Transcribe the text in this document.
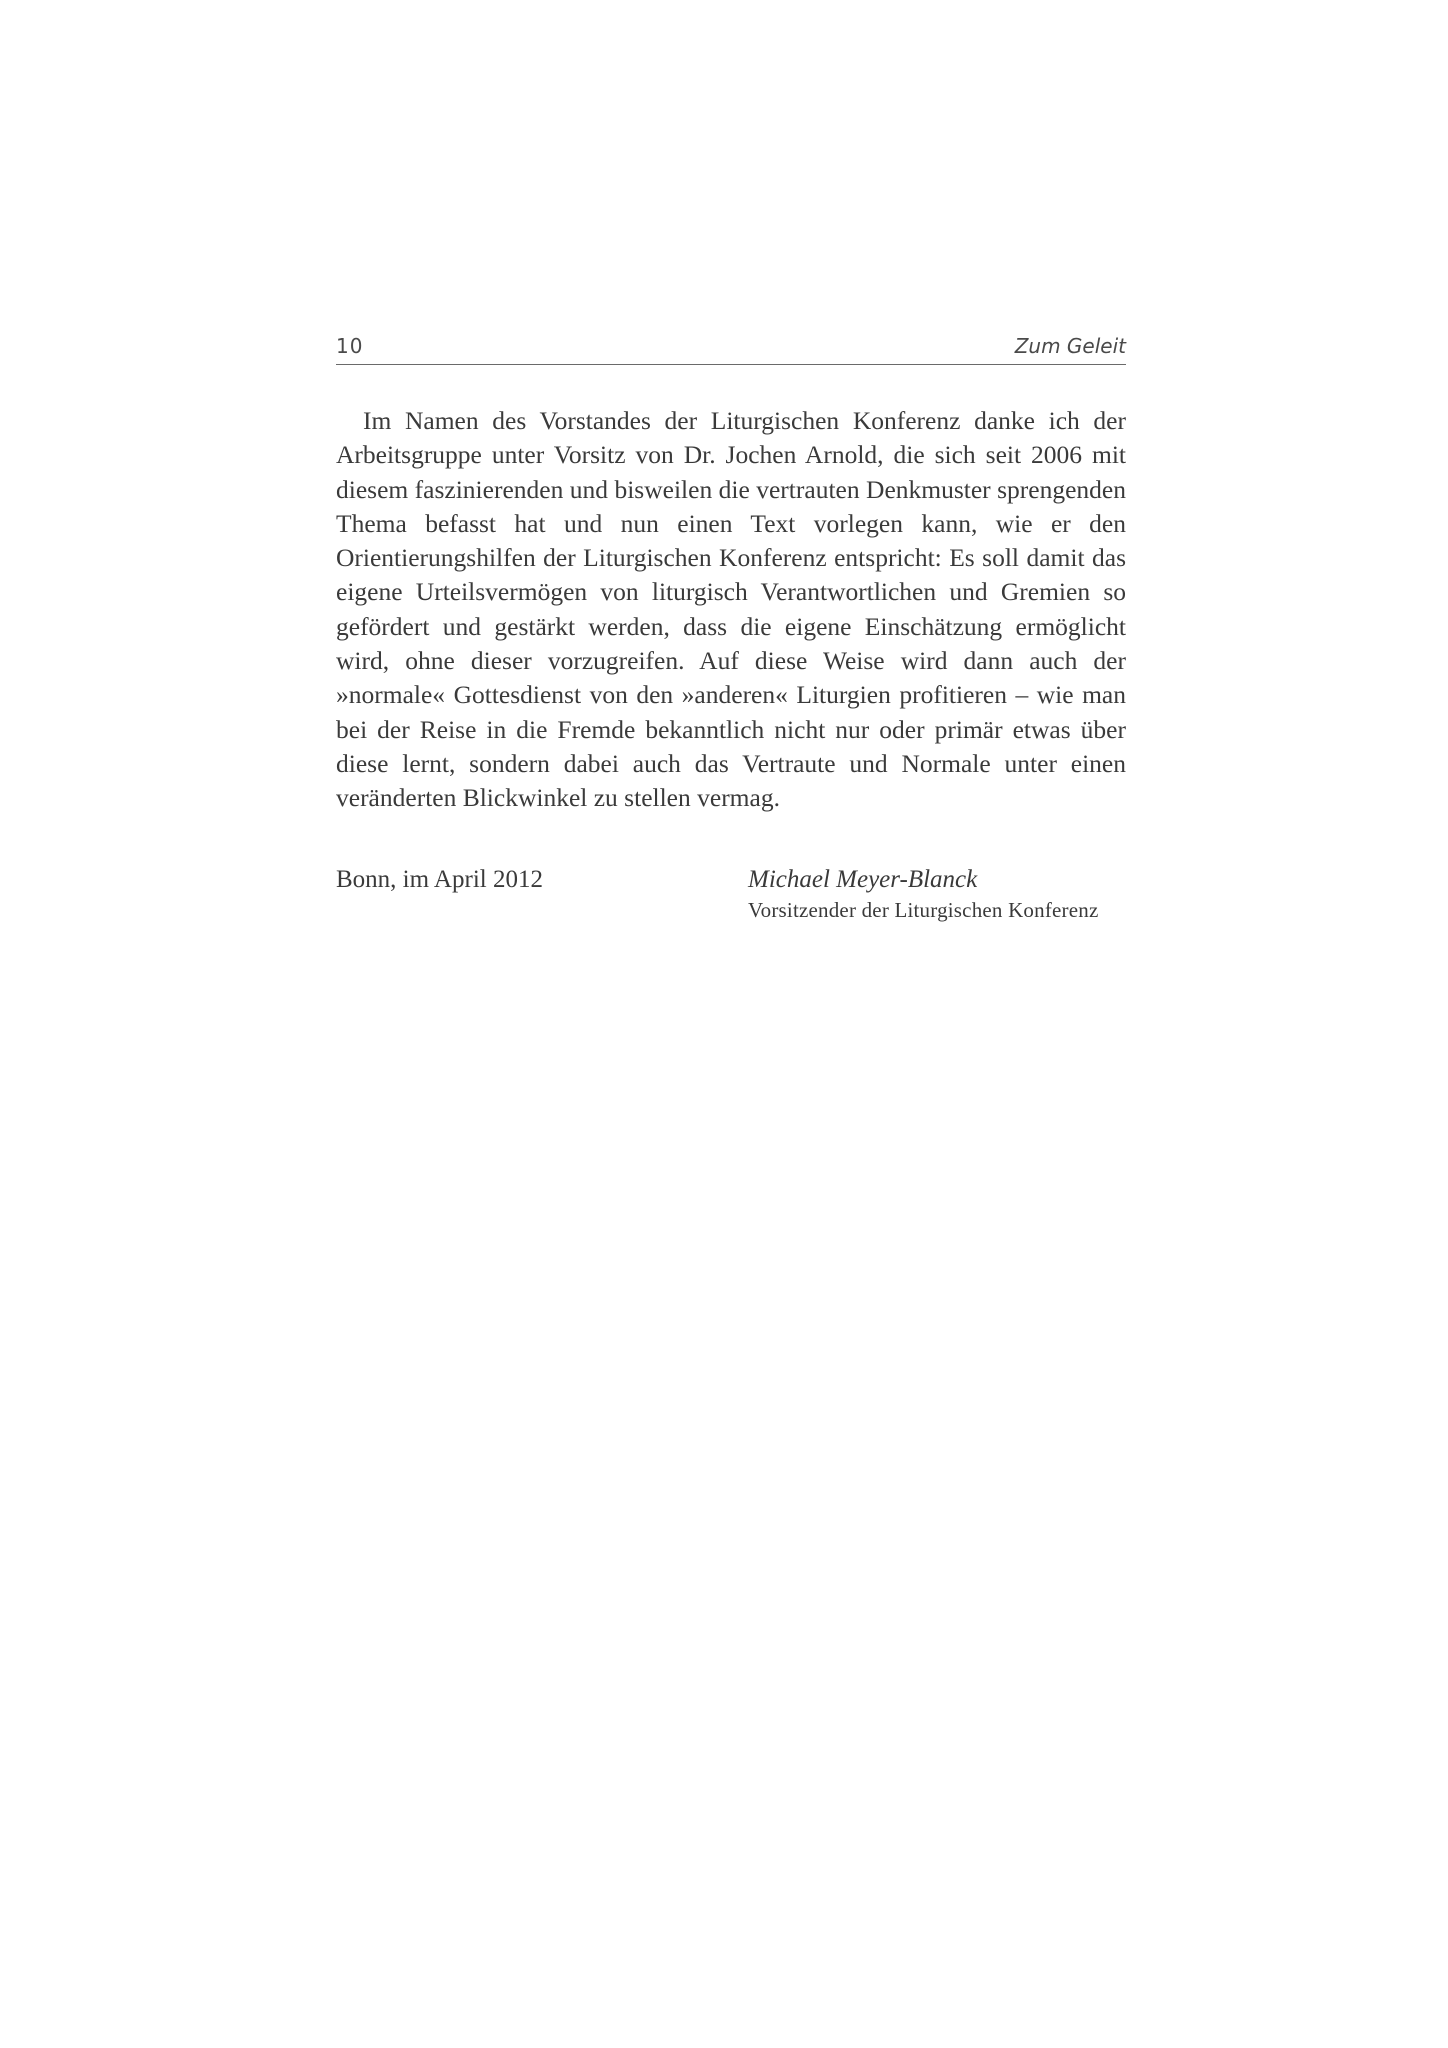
10	Zum Geleit

Im Namen des Vorstandes der Liturgischen Konferenz danke ich der Arbeitsgruppe unter Vorsitz von Dr. Jochen Arnold, die sich seit 2006 mit diesem faszinierenden und bisweilen die vertrauten Denkmuster sprengenden Thema befasst hat und nun einen Text vorlegen kann, wie er den Orientierungshilfen der Liturgischen Konferenz entspricht: Es soll damit das eigene Urteilsvermögen von liturgisch Verantwortlichen und Gremien so gefördert und gestärkt werden, dass die eigene Einschätzung ermöglicht wird, ohne dieser vorzugreifen. Auf diese Weise wird dann auch der »normale« Gottesdienst von den »anderen« Liturgien profitieren – wie man bei der Reise in die Fremde bekanntlich nicht nur oder primär etwas über diese lernt, sondern dabei auch das Vertraute und Normale unter einen veränderten Blickwinkel zu stellen vermag.

Bonn, im April 2012	Michael Meyer-Blanck
Vorsitzender der Liturgischen Konferenz
